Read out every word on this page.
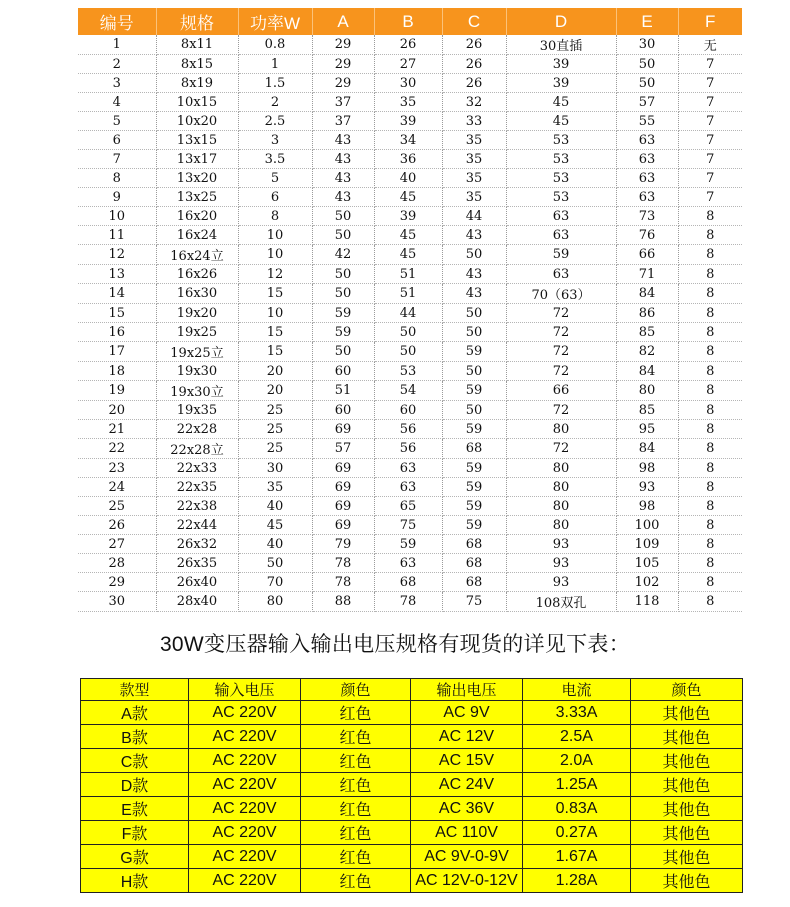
编号	规格	功率W	A	B	C	D	E	F
1	8x11	0.8	29	26	26	30直插	30	无
2	8x15	1	29	27	26	39	50	7
3	8x19	1.5	29	30	26	39	50	7
4	10x15	2	37	35	32	45	57	7
5	10x20	2.5	37	39	33	45	55	7
6	13x15	3	43	34	35	53	63	7
7	13x17	3.5	43	36	35	53	63	7
8	13x20	5	43	40	35	53	63	7
9	13x25	6	43	45	35	53	63	7
10	16x20	8	50	39	44	63	73	8
11	16x24	10	50	45	43	63	76	8
12	16x24立	10	42	45	50	59	66	8
13	16x26	12	50	51	43	63	71	8
14	16x30	15	50	51	43	70（63）	84	8
15	19x20	10	59	44	50	72	86	8
16	19x25	15	59	50	50	72	85	8
17	19x25立	15	50	50	59	72	82	8
18	19x30	20	60	53	50	72	84	8
19	19x30立	20	51	54	59	66	80	8
20	19x35	25	60	60	50	72	85	8
21	22x28	25	69	56	59	80	95	8
22	22x28立	25	57	56	68	72	84	8
23	22x33	30	69	63	59	80	98	8
24	22x35	35	69	63	59	80	93	8
25	22x38	40	69	65	59	80	98	8
26	22x44	45	69	75	59	80	100	8
27	26x32	40	79	59	68	93	109	8
28	26x35	50	78	63	68	93	105	8
29	26x40	70	78	68	68	93	102	8
30	28x40	80	88	78	75	108双孔	118	8
30W变压器输入输出电压规格有现货的详见下表：
款型	输入电压	颜色	输出电压	电流	颜色
A款	AC 220V	红色	AC 9V	3.33A	其他色
B款	AC 220V	红色	AC 12V	2.5A	其他色
C款	AC 220V	红色	AC 15V	2.0A	其他色
D款	AC 220V	红色	AC 24V	1.25A	其他色
E款	AC 220V	红色	AC 36V	0.83A	其他色
F款	AC 220V	红色	AC 110V	0.27A	其他色
G款	AC 220V	红色	AC 9V-0-9V	1.67A	其他色
H款	AC 220V	红色	AC 12V-0-12V	1.28A	其他色
